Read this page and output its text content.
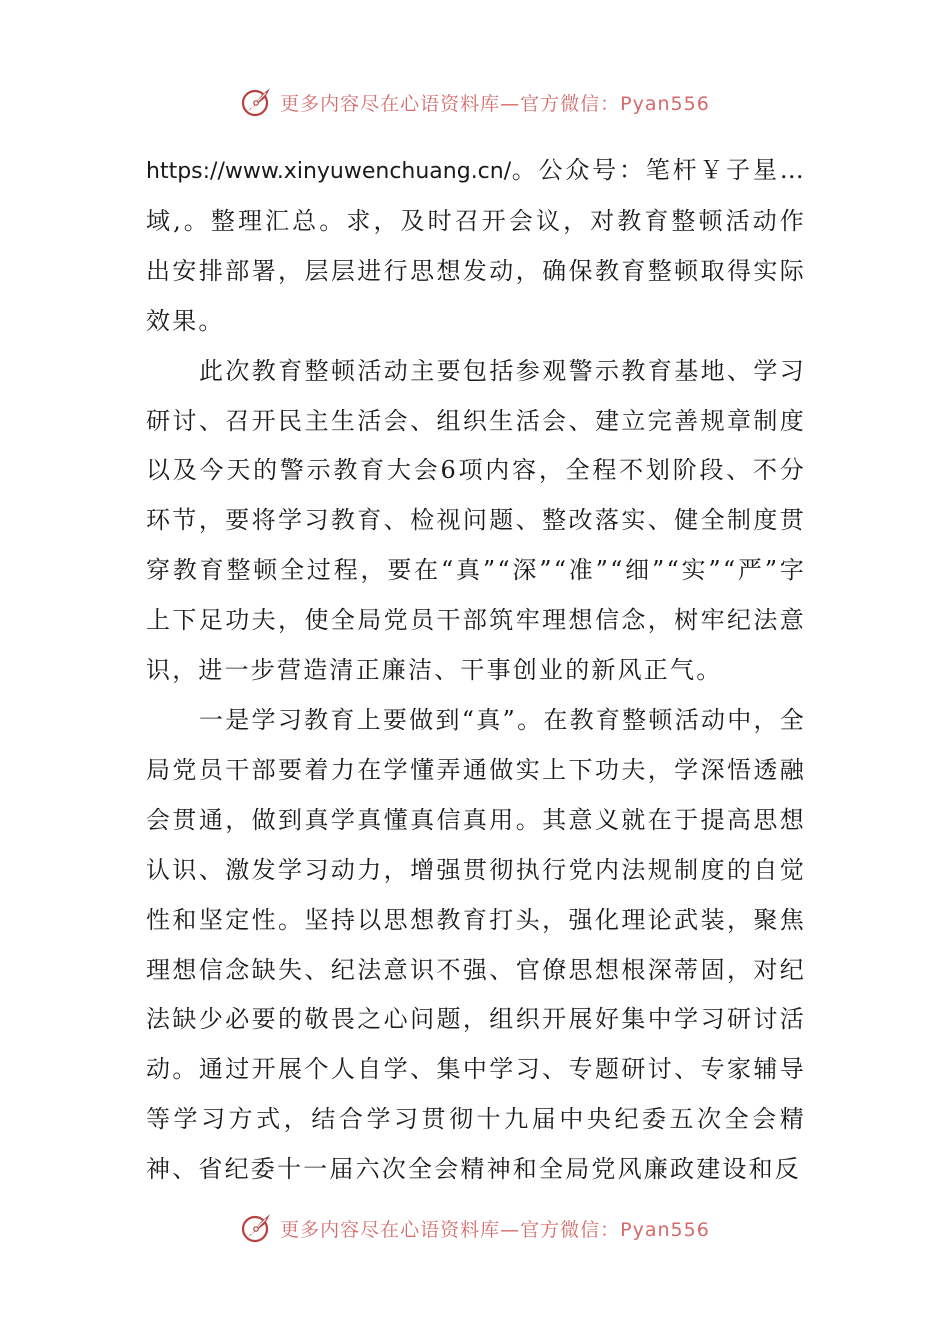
更多内容尽在心语资料库—官方微信：Pyan556

https://www.xinyuwenchuang.cn/。公众号：笔杆￥子星…域,。整理汇总。求，及时召开会议，对教育整顿活动作出安排部署，层层进行思想发动，确保教育整顿取得实际效果。

此次教育整顿活动主要包括参观警示教育基地、学习研讨、召开民主生活会、组织生活会、建立完善规章制度以及今天的警示教育大会6项内容，全程不划阶段、不分环节，要将学习教育、检视问题、整改落实、健全制度贯穿教育整顿全过程，要在“真”“深”“准”“细”“实”“严”字上下足功夫，使全局党员干部筑牢理想信念，树牢纪法意识，进一步营造清正廉洁、干事创业的新风正气。

一是学习教育上要做到“真”。在教育整顿活动中，全局党员干部要着力在学懂弄通做实上下功夫，学深悟透融会贯通，做到真学真懂真信真用。其意义就在于提高思想认识、激发学习动力，增强贯彻执行党内法规制度的自觉性和坚定性。坚持以思想教育打头，强化理论武装，聚焦理想信念缺失、纪法意识不强、官僚思想根深蒂固，对纪法缺少必要的敬畏之心问题，组织开展好集中学习研讨活动。通过开展个人自学、集中学习、专题研讨、专家辅导等学习方式，结合学习贯彻十九届中央纪委五次全会精神、省纪委十一届六次全会精神和全局党风廉政建设和反

更多内容尽在心语资料库—官方微信：Pyan556
